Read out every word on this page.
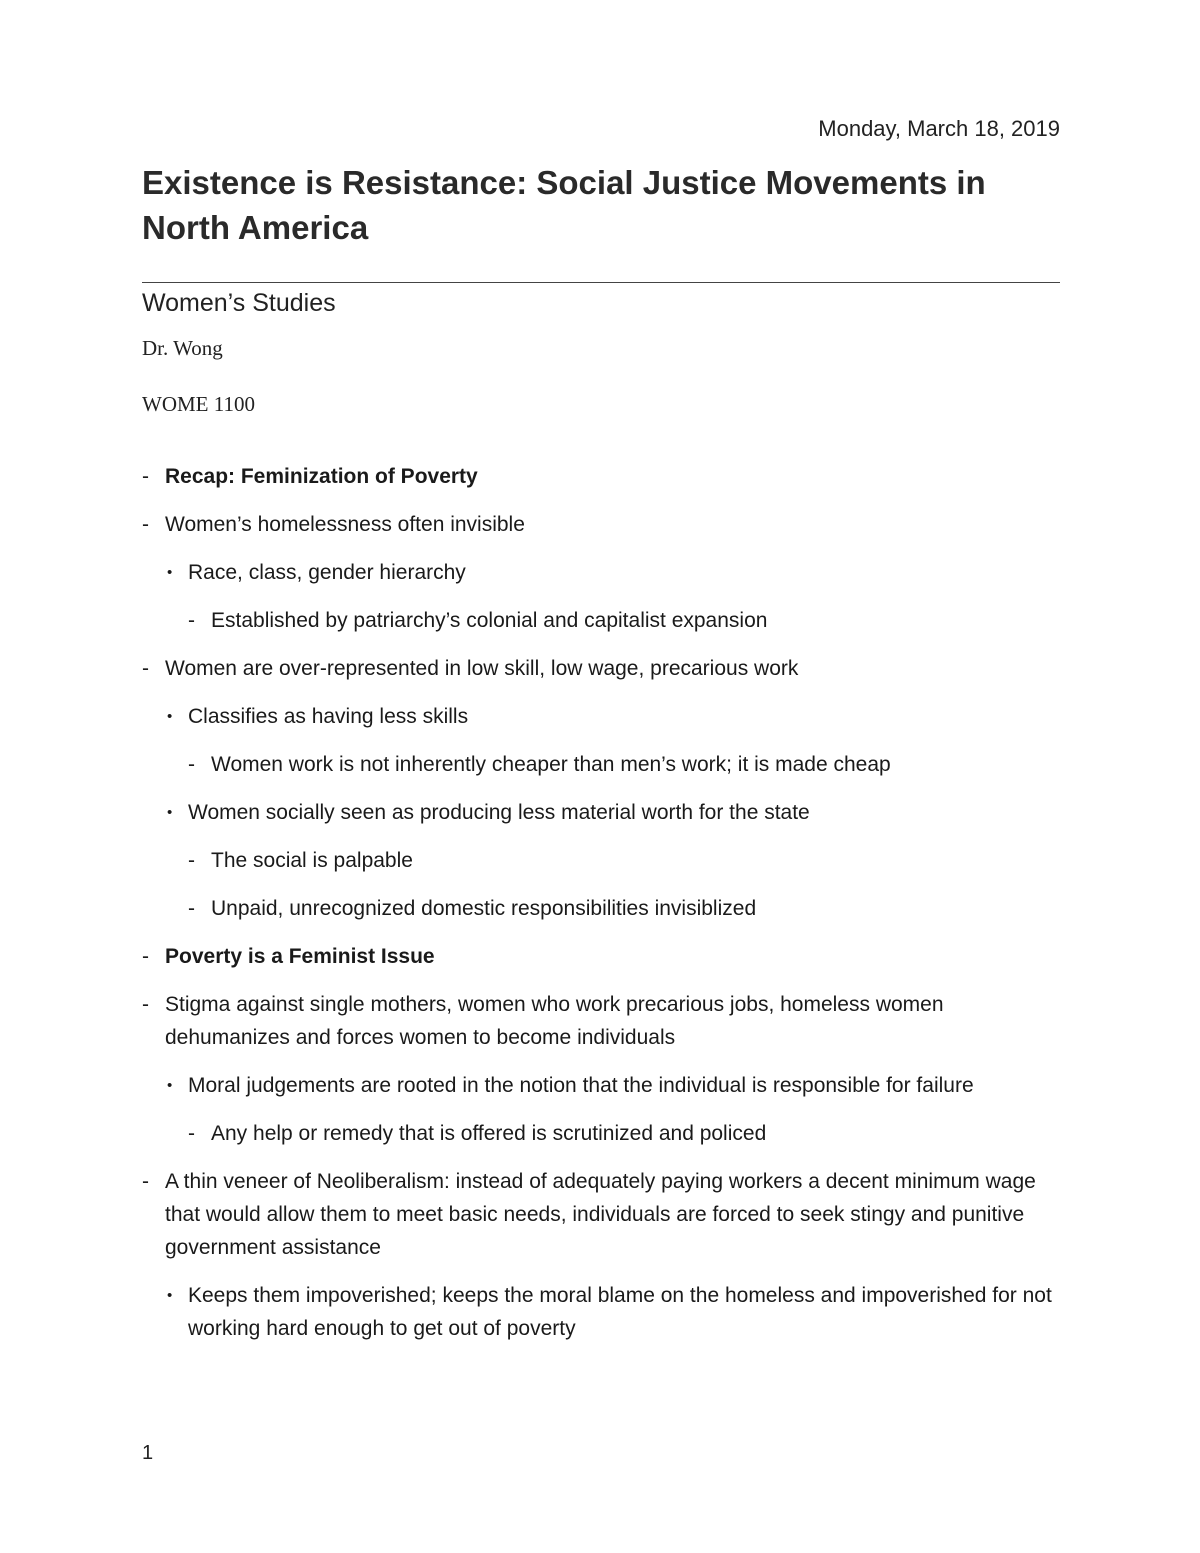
Monday, March 18, 2019
Existence is Resistance: Social Justice Movements in North America
Women’s Studies
Dr. Wong
WOME 1100
- Recap: Feminization of Poverty
- Women’s homelessness often invisible
• Race, class, gender hierarchy
- Established by patriarchy’s colonial and capitalist expansion
- Women are over-represented in low skill, low wage, precarious work
• Classifies as having less skills
- Women work is not inherently cheaper than men’s work; it is made cheap
• Women socially seen as producing less material worth for the state
- The social is palpable
- Unpaid, unrecognized domestic responsibilities invisiblized
- Poverty is a Feminist Issue
- Stigma against single mothers, women who work precarious jobs, homeless women dehumanizes and forces women to become individuals
• Moral judgements are rooted in the notion that the individual is responsible for failure
- Any help or remedy that is offered is scrutinized and policed
- A thin veneer of Neoliberalism: instead of adequately paying workers a decent minimum wage that would allow them to meet basic needs, individuals are forced to seek stingy and punitive government assistance
• Keeps them impoverished; keeps the moral blame on the homeless and impoverished for not working hard enough to get out of poverty
1
